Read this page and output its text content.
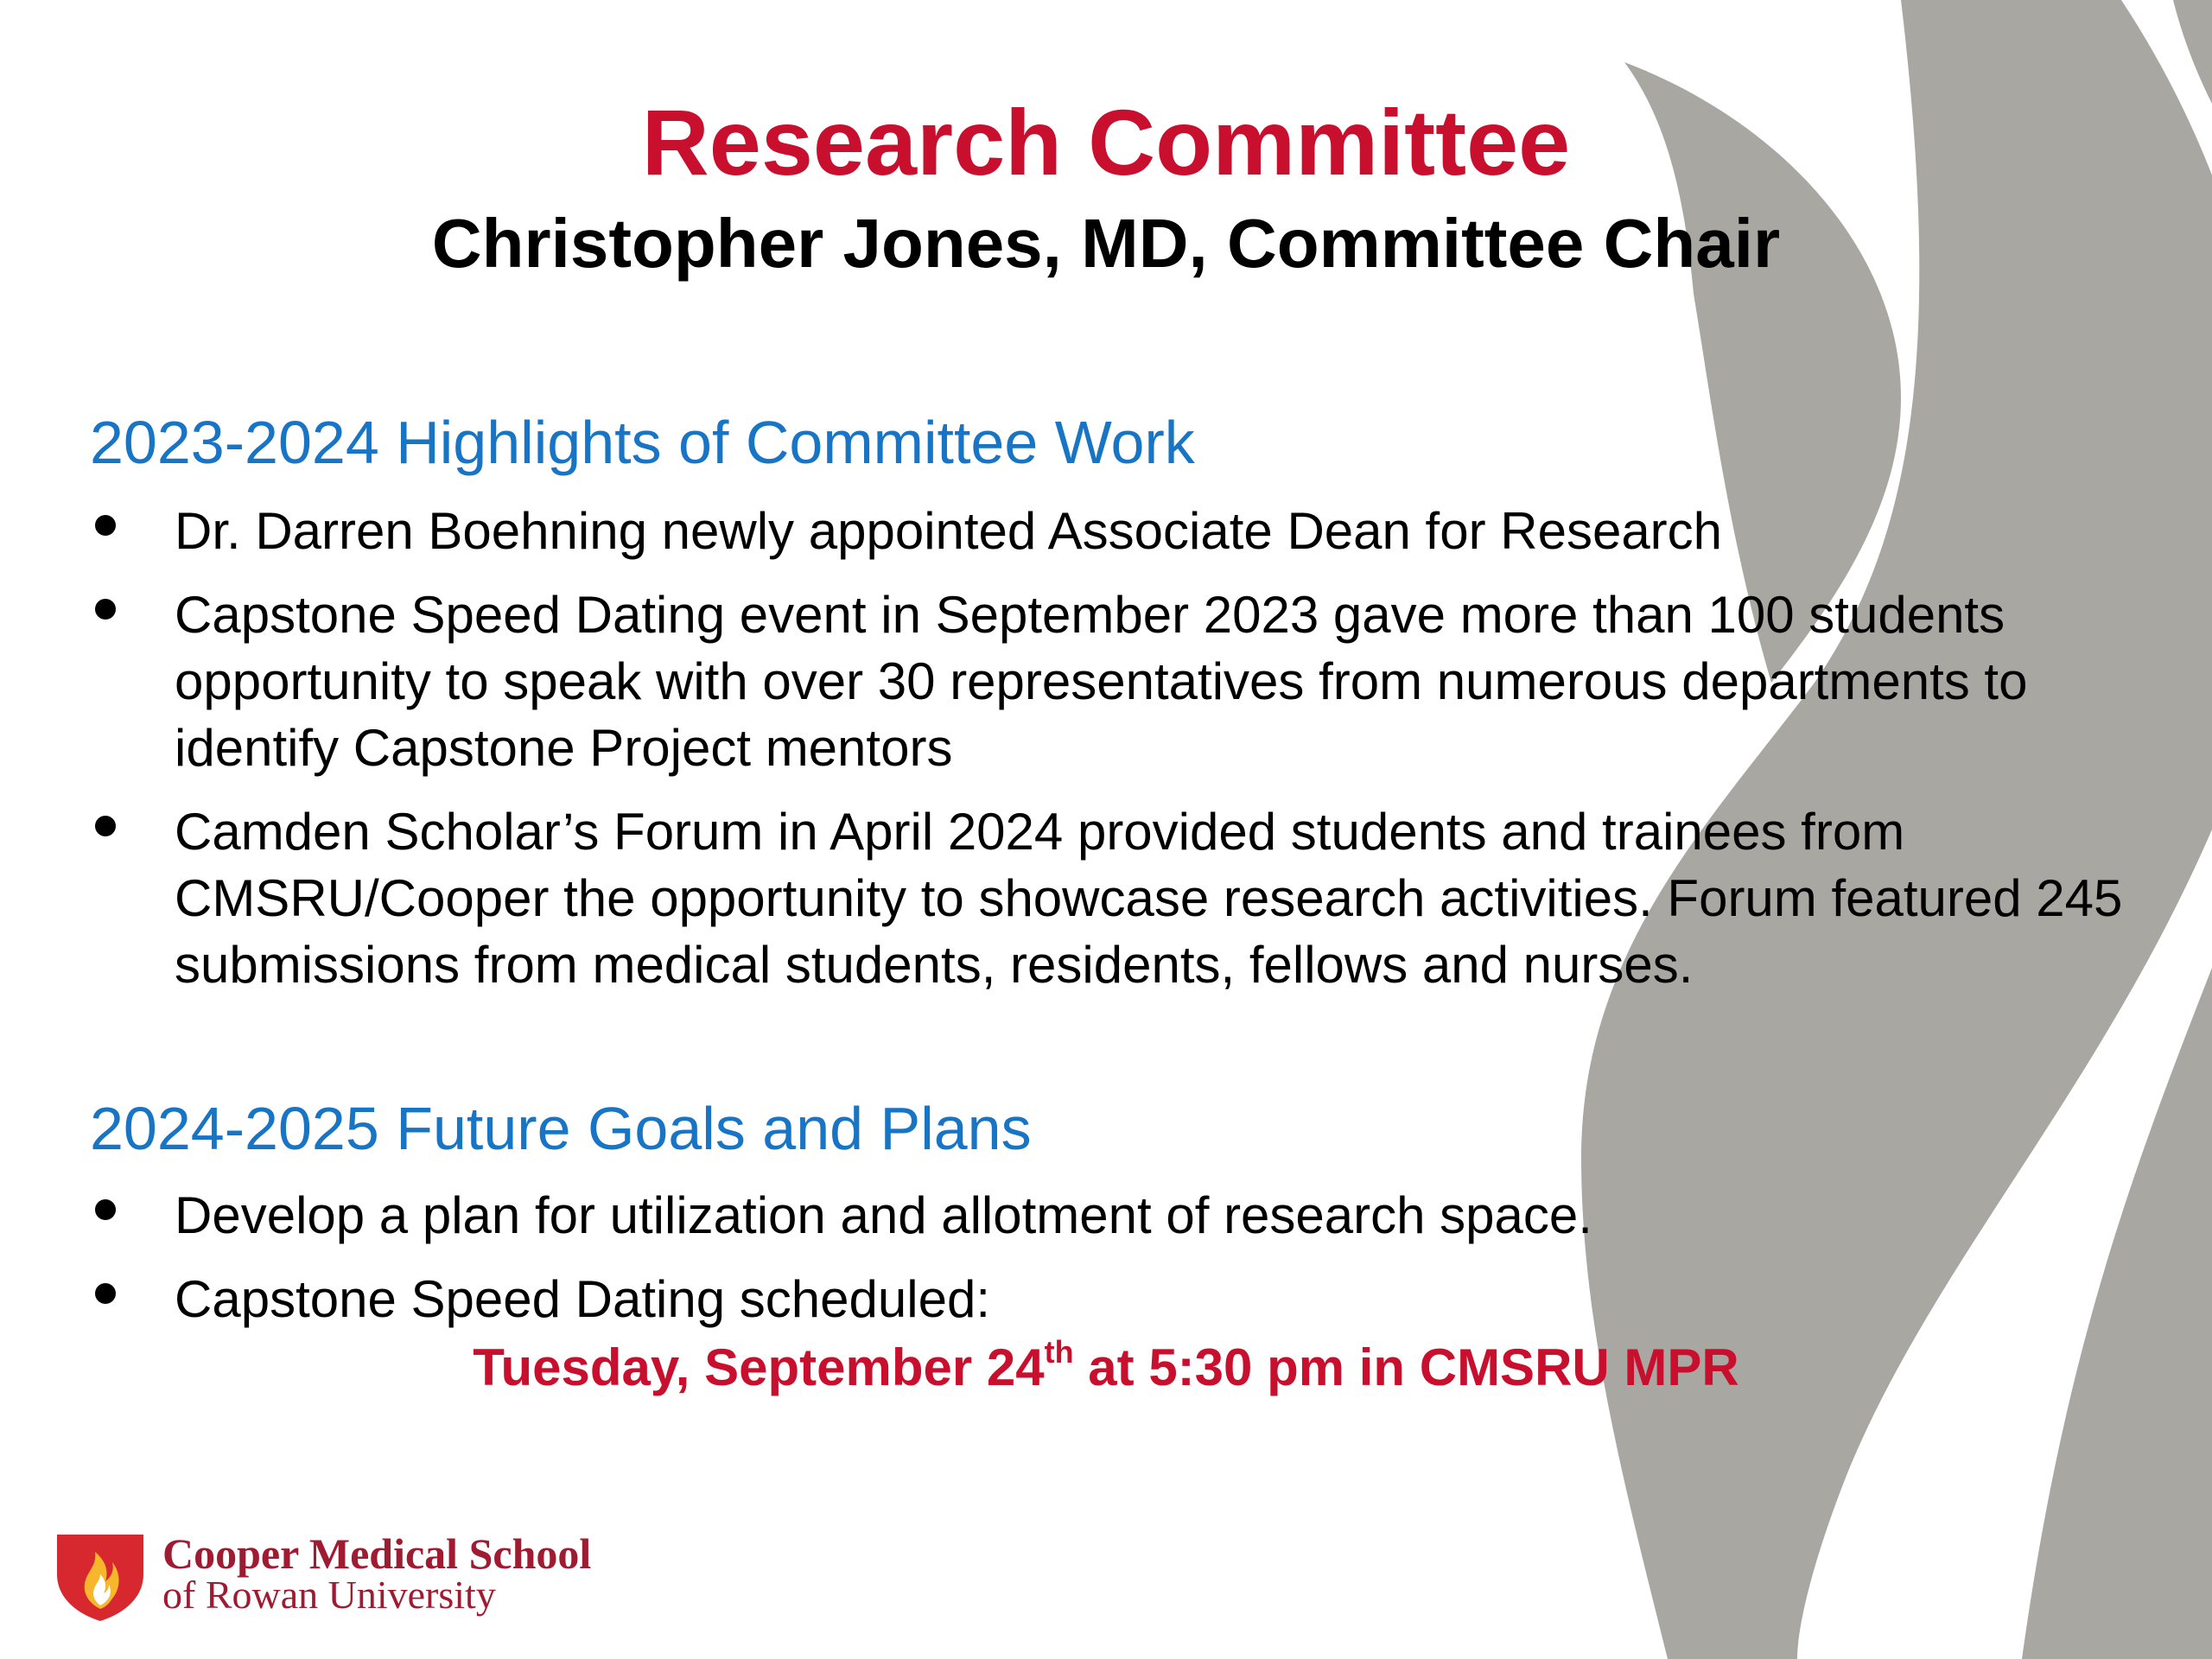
Research Committee
Christopher Jones, MD, Committee Chair
2023-2024 Highlights of Committee Work
Dr. Darren Boehning newly appointed Associate Dean for Research
Capstone Speed Dating event in September 2023 gave more than 100 students opportunity to speak with over 30 representatives from numerous departments to identify Capstone Project mentors
Camden Scholar’s Forum in April 2024 provided students and trainees from CMSRU/Cooper the opportunity to showcase research activities. Forum featured 245 submissions from medical students, residents, fellows and nurses.
2024-2025 Future Goals and Plans
Develop a plan for utilization and allotment of research space.
Capstone Speed Dating scheduled:
Tuesday, September 24th at 5:30 pm in CMSRU MPR
Cooper Medical School
of Rowan University
